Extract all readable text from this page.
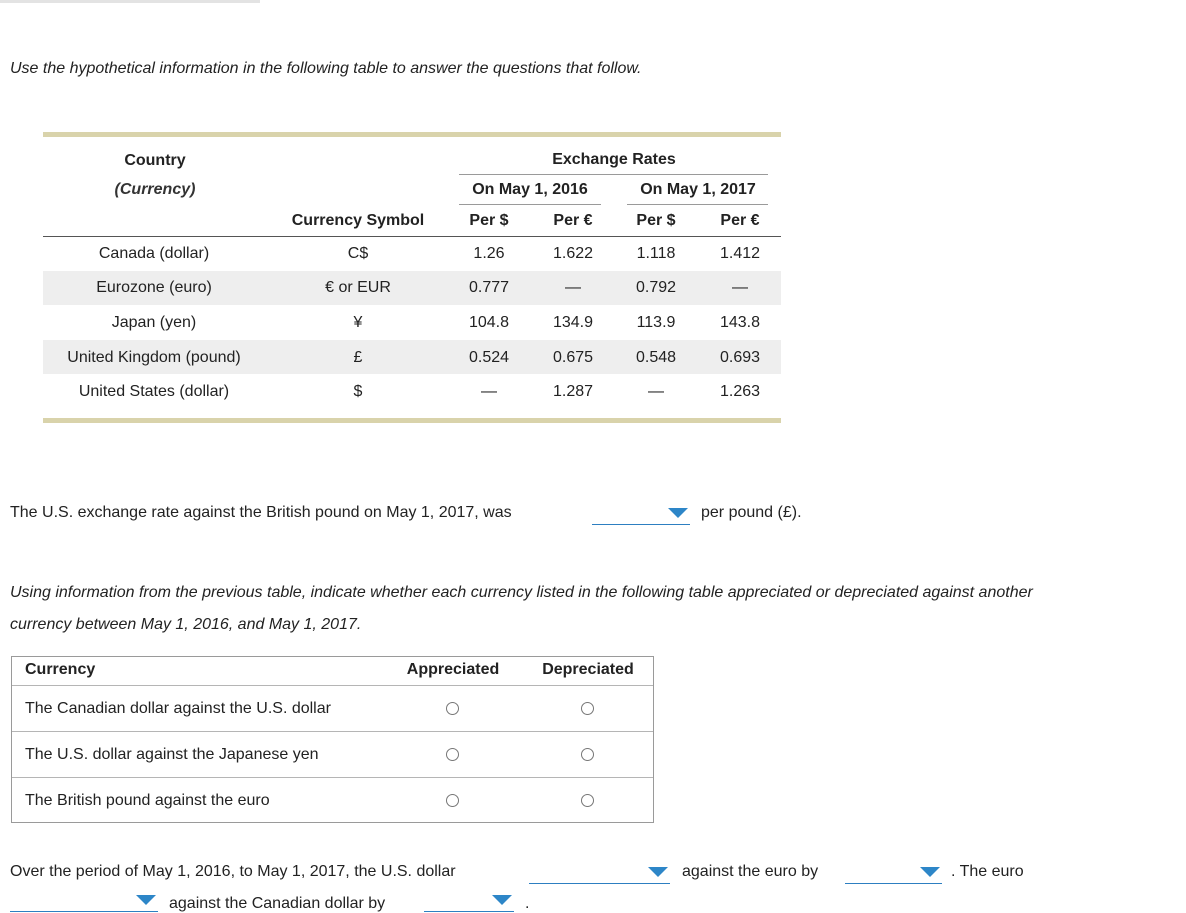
Use the hypothetical information in the following table to answer the questions that follow.
Country
(Currency)
Exchange Rates
On May 1, 2016	On May 1, 2017
Currency Symbol	Per $	Per €	Per $	Per €
Canada (dollar)	C$	1.26	1.622	1.118	1.412
Eurozone (euro)	€ or EUR	0.777	—	0.792	—
Japan (yen)	¥	104.8	134.9	113.9	143.8
United Kingdom (pound)	£	0.524	0.675	0.548	0.693
United States (dollar)	$	—	1.287	—	1.263
The U.S. exchange rate against the British pound on May 1, 2017, was	per pound (£).
Using information from the previous table, indicate whether each currency listed in the following table appreciated or depreciated against another
currency between May 1, 2016, and May 1, 2017.
Currency	Appreciated	Depreciated
The Canadian dollar against the U.S. dollar
The U.S. dollar against the Japanese yen
The British pound against the euro
Over the period of May 1, 2016, to May 1, 2017, the U.S. dollar	against the euro by	. The euro
against the Canadian dollar by	.
